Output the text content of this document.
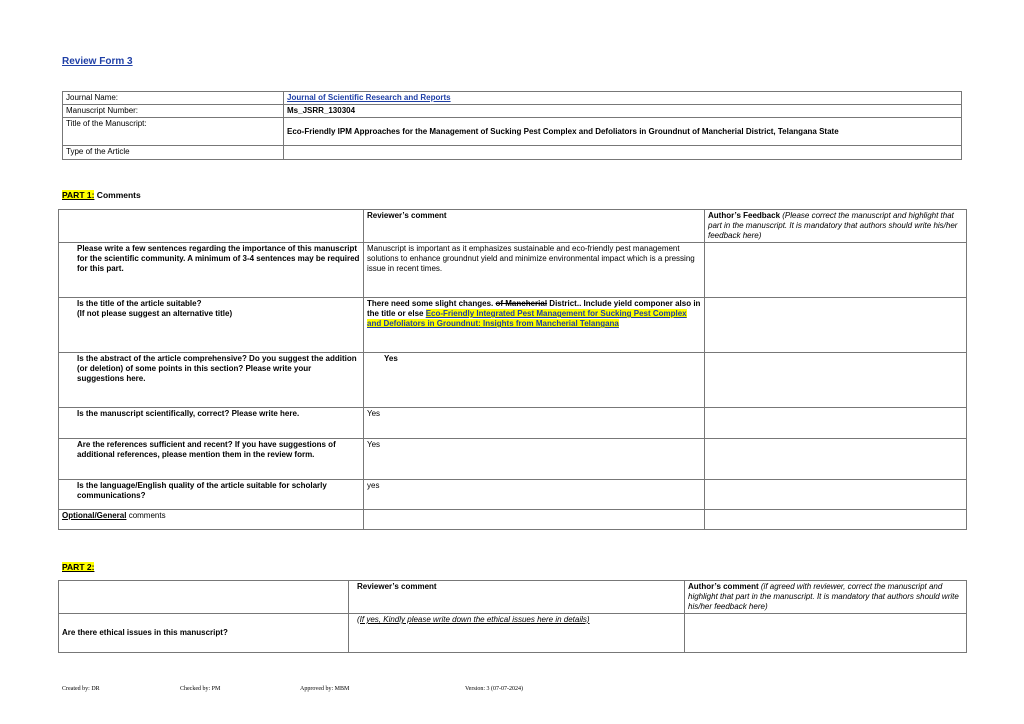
Review Form 3
Journal Name:	Journal of Scientific Research and Reports
Manuscript Number:	Ms_JSRR_130304
Title of the Manuscript:	Eco-Friendly IPM Approaches for the Management of Sucking Pest Complex and Defoliators in Groundnut of Mancherial District, Telangana State
Type of the Article	
PART 1: Comments
	Reviewer’s comment	Author’s Feedback (Please correct the manuscript and highlight that part in the manuscript. It is mandatory that authors should write his/her feedback here)
Please write a few sentences regarding the importance of this manuscript for the scientific community. A minimum of 3-4 sentences may be required for this part.	Manuscript is important as it emphasizes sustainable and eco-friendly pest management solutions to enhance groundnut yield and minimize environmental impact which is a pressing issue in recent times.	
Is the title of the article suitable?
(If not please suggest an alternative title)	There need some slight changes. of Mancherial District.. Include yield componer also in the title or else Eco-Friendly Integrated Pest Management for Sucking Pest Complex and Defoliators in Groundnut: Insights from Mancherial Telangana	
Is the abstract of the article comprehensive? Do you suggest the addition (or deletion) of some points in this section? Please write your suggestions here.	Yes	
Is the manuscript scientifically, correct? Please write here.	Yes	
Are the references sufficient and recent? If you have suggestions of additional references, please mention them in the review form.	Yes	
Is the language/English quality of the article suitable for scholarly communications?	yes	
Optional/General comments		
PART 2:
	Reviewer’s comment	Author’s comment (if agreed with reviewer, correct the manuscript and highlight that part in the manuscript. It is mandatory that authors should write his/her feedback here)
Are there ethical issues in this manuscript?	(If yes, Kindly please write down the ethical issues here in details)	
Created by: DR	Checked by: PM	Approved by: MBM	Version: 3 (07-07-2024)
